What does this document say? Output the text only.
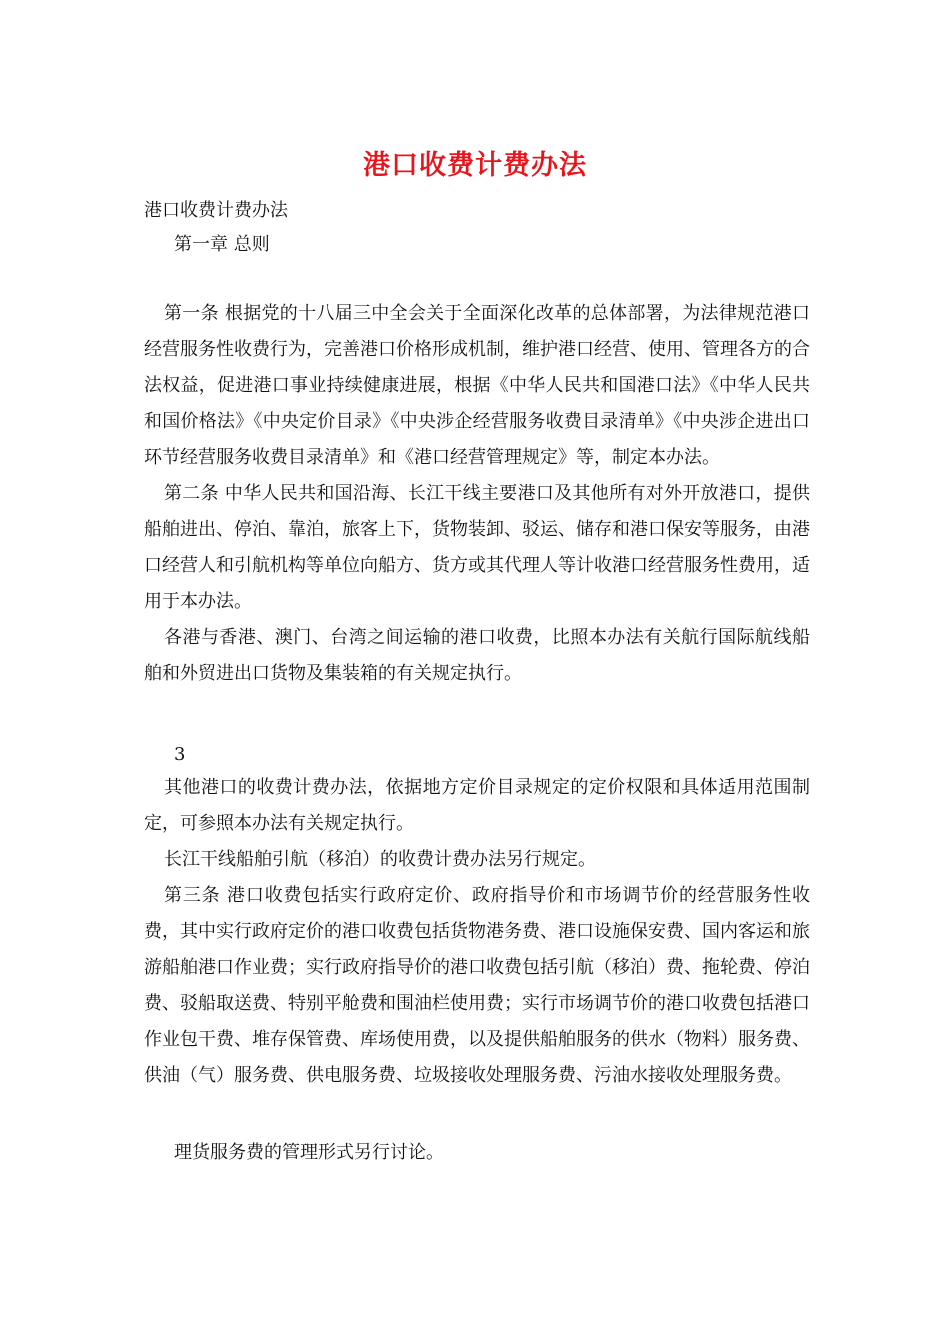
港口收费计费办法
港口收费计费办法
第一章 总则

第一条 根据党的十八届三中全会关于全面深化改革的总体部署，为法律规范港口经营服务性收费行为，完善港口价格形成机制，维护港口经营、使用、管理各方的合法权益，促进港口事业持续健康进展，根据《中华人民共和国港口法》《中华人民共和国价格法》《中央定价目录》《中央涉企经营服务收费目录清单》《中央涉企进出口环节经营服务收费目录清单》和《港口经营管理规定》等，制定本办法。

第二条 中华人民共和国沿海、长江干线主要港口及其他所有对外开放港口，提供船舶进出、停泊、靠泊，旅客上下，货物装卸、驳运、储存和港口保安等服务，由港口经营人和引航机构等单位向船方、货方或其代理人等计收港口经营服务性费用，适用于本办法。

各港与香港、澳门、台湾之间运输的港口收费，比照本办法有关航行国际航线船舶和外贸进出口货物及集装箱的有关规定执行。

3

其他港口的收费计费办法，依据地方定价目录规定的定价权限和具体适用范围制定，可参照本办法有关规定执行。

长江干线船舶引航（移泊）的收费计费办法另行规定。

第三条 港口收费包括实行政府定价、政府指导价和市场调节价的经营服务性收费，其中实行政府定价的港口收费包括货物港务费、港口设施保安费、国内客运和旅游船舶港口作业费；实行政府指导价的港口收费包括引航（移泊）费、拖轮费、停泊费、驳船取送费、特别平舱费和围油栏使用费；实行市场调节价的港口收费包括港口作业包干费、堆存保管费、库场使用费，以及提供船舶服务的供水（物料）服务费、供油（气）服务费、供电服务费、垃圾接收处理服务费、污油水接收处理服务费。

理货服务费的管理形式另行讨论。
